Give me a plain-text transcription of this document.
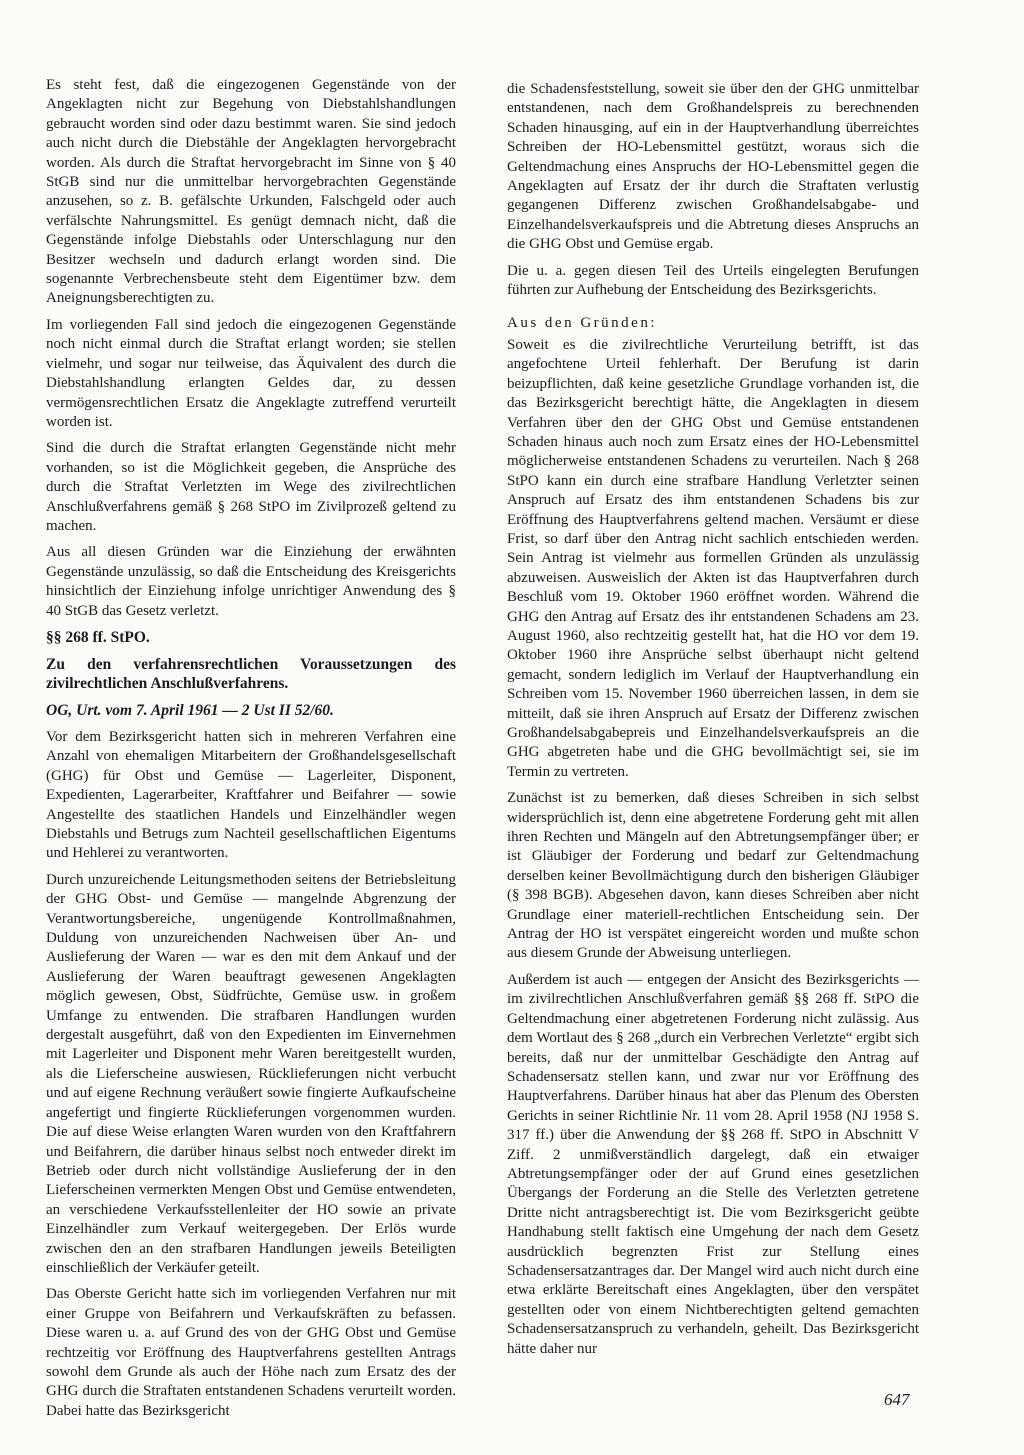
Es steht fest, daß die eingezogenen Gegenstände von der Angeklagten nicht zur Begehung von Diebstahlshandlungen gebraucht worden sind oder dazu bestimmt waren. Sie sind jedoch auch nicht durch die Diebstähle der Angeklagten hervorgebracht worden. Als durch die Straftat hervorgebracht im Sinne von § 40 StGB sind nur die unmittelbar hervorgebrachten Gegenstände anzusehen, so z. B. gefälschte Urkunden, Falschgeld oder auch verfälschte Nahrungsmittel. Es genügt demnach nicht, daß die Gegenstände infolge Diebstahls oder Unterschlagung nur den Besitzer wechseln und dadurch erlangt worden sind. Die sogenannte Verbrechensbeute steht dem Eigentümer bzw. dem Aneignungsberechtigten zu.

Im vorliegenden Fall sind jedoch die eingezogenen Gegenstände noch nicht einmal durch die Straftat erlangt worden; sie stellen vielmehr, und sogar nur teilweise, das Äquivalent des durch die Diebstahlshandlung erlangten Geldes dar, zu dessen vermögensrechtlichen Ersatz die Angeklagte zutreffend verurteilt worden ist.

Sind die durch die Straftat erlangten Gegenstände nicht mehr vorhanden, so ist die Möglichkeit gegeben, die Ansprüche des durch die Straftat Verletzten im Wege des zivilrechtlichen Anschlußverfahrens gemäß § 268 StPO im Zivilprozeß geltend zu machen.

Aus all diesen Gründen war die Einziehung der erwähnten Gegenstände unzulässig, so daß die Entscheidung des Kreisgerichts hinsichtlich der Einziehung infolge unrichtiger Anwendung des § 40 StGB das Gesetz verletzt.

§§ 268 ff. StPO.
Zu den verfahrensrechtlichen Voraussetzungen des zivilrechtlichen Anschlußverfahrens.
OG, Urt. vom 7. April 1961 — 2 Ust II 52/60.

Vor dem Bezirksgericht hatten sich in mehreren Verfahren eine Anzahl von ehemaligen Mitarbeitern der Großhandelsgesellschaft (GHG) für Obst und Gemüse — Lagerleiter, Disponent, Expedienten, Lagerarbeiter, Kraftfahrer und Beifahrer — sowie Angestellte des staatlichen Handels und Einzelhändler wegen Diebstahls und Betrugs zum Nachteil gesellschaftlichen Eigentums und Hehlerei zu verantworten.

Durch unzureichende Leitungsmethoden seitens der Betriebsleitung der GHG Obst- und Gemüse — mangelnde Abgrenzung der Verantwortungsbereiche, ungenügende Kontrollmaßnahmen, Duldung von unzureichenden Nachweisen über An- und Auslieferung der Waren — war es den mit dem Ankauf und der Auslieferung der Waren beauftragt gewesenen Angeklagten möglich gewesen, Obst, Südfrüchte, Gemüse usw. in großem Umfange zu entwenden. Die strafbaren Handlungen wurden dergestalt ausgeführt, daß von den Expedienten im Einvernehmen mit Lagerleiter und Disponent mehr Waren bereitgestellt wurden, als die Lieferscheine auswiesen, Rücklieferungen nicht verbucht und auf eigene Rechnung veräußert sowie fingierte Aufkaufscheine angefertigt und fingierte Rücklieferungen vorgenommen wurden. Die auf diese Weise erlangten Waren wurden von den Kraftfahrern und Beifahrern, die darüber hinaus selbst noch entweder direkt im Betrieb oder durch nicht vollständige Auslieferung der in den Lieferscheinen vermerkten Mengen Obst und Gemüse entwendeten, an verschiedene Verkaufsstellenleiter der HO sowie an private Einzelhändler zum Verkauf weitergegeben. Der Erlös wurde zwischen den an den strafbaren Handlungen jeweils Beteiligten einschließlich der Verkäufer geteilt.

Das Oberste Gericht hatte sich im vorliegenden Verfahren nur mit einer Gruppe von Beifahrern und Verkaufskräften zu befassen. Diese waren u. a. auf Grund des von der GHG Obst und Gemüse rechtzeitig vor Eröffnung des Hauptverfahrens gestellten Antrags sowohl dem Grunde als auch der Höhe nach zum Ersatz des der GHG durch die Straftaten entstandenen Schadens verurteilt worden. Dabei hatte das Bezirksgericht

die Schadensfeststellung, soweit sie über den der GHG unmittelbar entstandenen, nach dem Großhandelspreis zu berechnenden Schaden hinausging, auf ein in der Hauptverhandlung überreichtes Schreiben der HO-Lebensmittel gestützt, woraus sich die Geltendmachung eines Anspruchs der HO-Lebensmittel gegen die Angeklagten auf Ersatz der ihr durch die Straftaten verlustig gegangenen Differenz zwischen Großhandelsabgabe- und Einzelhandelsverkaufspreis und die Abtretung dieses Anspruchs an die GHG Obst und Gemüse ergab.

Die u. a. gegen diesen Teil des Urteils eingelegten Berufungen führten zur Aufhebung der Entscheidung des Bezirksgerichts.

Aus den Gründen:

Soweit es die zivilrechtliche Verurteilung betrifft, ist das angefochtene Urteil fehlerhaft. Der Berufung ist darin beizupflichten, daß keine gesetzliche Grundlage vorhanden ist, die das Bezirksgericht berechtigt hätte, die Angeklagten in diesem Verfahren über den der GHG Obst und Gemüse entstandenen Schaden hinaus auch noch zum Ersatz eines der HO-Lebensmittel möglicherweise entstandenen Schadens zu verurteilen. Nach § 268 StPO kann ein durch eine strafbare Handlung Verletzter seinen Anspruch auf Ersatz des ihm entstandenen Schadens bis zur Eröffnung des Hauptverfahrens geltend machen. Versäumt er diese Frist, so darf über den Antrag nicht sachlich entschieden werden. Sein Antrag ist vielmehr aus formellen Gründen als unzulässig abzuweisen. Ausweislich der Akten ist das Hauptverfahren durch Beschluß vom 19. Oktober 1960 eröffnet worden. Während die GHG den Antrag auf Ersatz des ihr entstandenen Schadens am 23. August 1960, also rechtzeitig gestellt hat, hat die HO vor dem 19. Oktober 1960 ihre Ansprüche selbst überhaupt nicht geltend gemacht, sondern lediglich im Verlauf der Hauptverhandlung ein Schreiben vom 15. November 1960 überreichen lassen, in dem sie mitteilt, daß sie ihren Anspruch auf Ersatz der Differenz zwischen Großhandelsabgabepreis und Einzelhandelsverkaufspreis an die GHG abgetreten habe und die GHG bevollmächtigt sei, sie im Termin zu vertreten.

Zunächst ist zu bemerken, daß dieses Schreiben in sich selbst widersprüchlich ist, denn eine abgetretene Forderung geht mit allen ihren Rechten und Mängeln auf den Abtretungsempfänger über; er ist Gläubiger der Forderung und bedarf zur Geltendmachung derselben keiner Bevollmächtigung durch den bisherigen Gläubiger (§ 398 BGB). Abgesehen davon, kann dieses Schreiben aber nicht Grundlage einer materiell-rechtlichen Entscheidung sein. Der Antrag der HO ist verspätet eingereicht worden und mußte schon aus diesem Grunde der Abweisung unterliegen.

Außerdem ist auch — entgegen der Ansicht des Bezirksgerichts — im zivilrechtlichen Anschlußverfahren gemäß §§ 268 ff. StPO die Geltendmachung einer abgetretenen Forderung nicht zulässig. Aus dem Wortlaut des § 268 „durch ein Verbrechen Verletzte“ ergibt sich bereits, daß nur der unmittelbar Geschädigte den Antrag auf Schadensersatz stellen kann, und zwar nur vor Eröffnung des Hauptverfahrens. Darüber hinaus hat aber das Plenum des Obersten Gerichts in seiner Richtlinie Nr. 11 vom 28. April 1958 (NJ 1958 S. 317 ff.) über die Anwendung der §§ 268 ff. StPO in Abschnitt V Ziff. 2 unmißverständlich dargelegt, daß ein etwaiger Abtretungsempfänger oder der auf Grund eines gesetzlichen Übergangs der Forderung an die Stelle des Verletzten getretene Dritte nicht antragsberechtigt ist. Die vom Bezirksgericht geübte Handhabung stellt faktisch eine Umgehung der nach dem Gesetz ausdrücklich begrenzten Frist zur Stellung eines Schadensersatzantrages dar. Der Mangel wird auch nicht durch eine etwa erklärte Bereitschaft eines Angeklagten, über den verspätet gestellten oder von einem Nichtberechtigten geltend gemachten Schadensersatzanspruch zu verhandeln, geheilt. Das Bezirksgericht hätte daher nur

647
